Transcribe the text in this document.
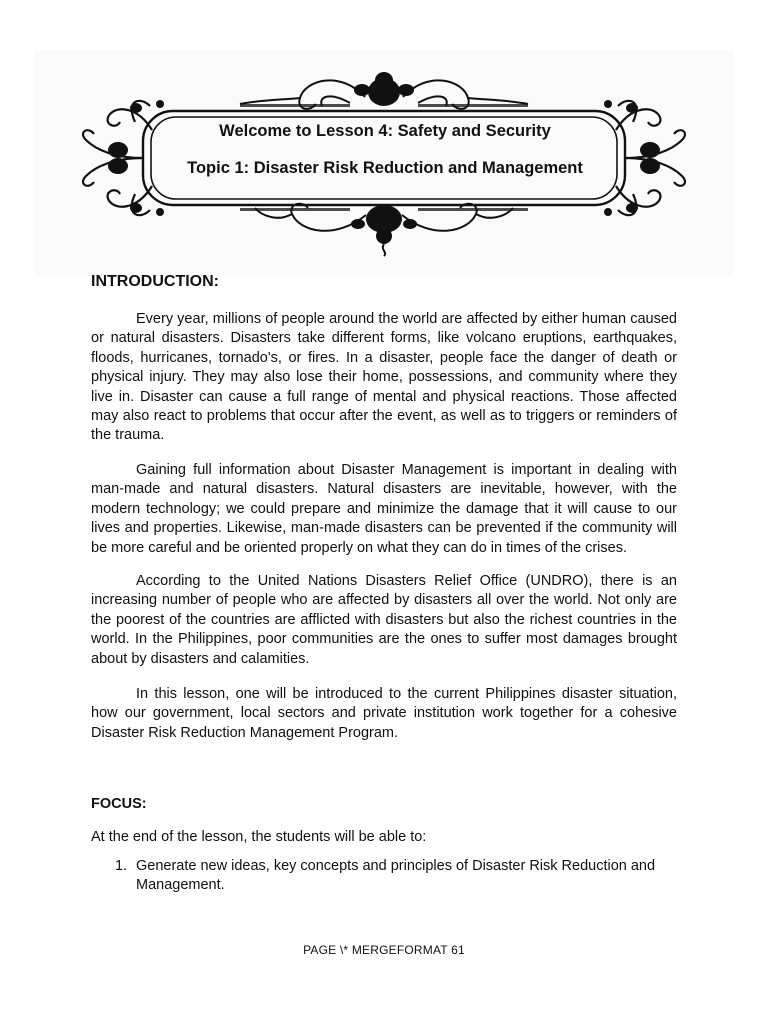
Welcome to Lesson 4: Safety and Security
Topic 1: Disaster Risk Reduction and Management
INTRODUCTION:

Every year, millions of people around the world are affected by either human caused or natural disasters. Disasters take different forms, like volcano eruptions, earthquakes, floods, hurricanes, tornado's, or fires. In a disaster, people face the danger of death or physical injury. They may also lose their home, possessions, and community where they live in. Disaster can cause a full range of mental and physical reactions. Those affected may also react to problems that occur after the event, as well as to triggers or reminders of the trauma.

Gaining full information about Disaster Management is important in dealing with man-made and natural disasters. Natural disasters are inevitable, however, with the modern technology; we could prepare and minimize the damage that it will cause to our lives and properties. Likewise, man-made disasters can be prevented if the community will be more careful and be oriented properly on what they can do in times of the crises.

According to the United Nations Disasters Relief Office (UNDRO), there is an increasing number of people who are affected by disasters all over the world. Not only are the poorest of the countries are afflicted with disasters but also the richest countries in the world. In the Philippines, poor communities are the ones to suffer most damages brought about by disasters and calamities.

In this lesson, one will be introduced to the current Philippines disaster situation, how our government, local sectors and private institution work together for a cohesive Disaster Risk Reduction Management Program.

FOCUS:
At the end of the lesson, the students will be able to:
1. Generate new ideas, key concepts and principles of Disaster Risk Reduction and Management.
PAGE \* MERGEFORMAT 61
